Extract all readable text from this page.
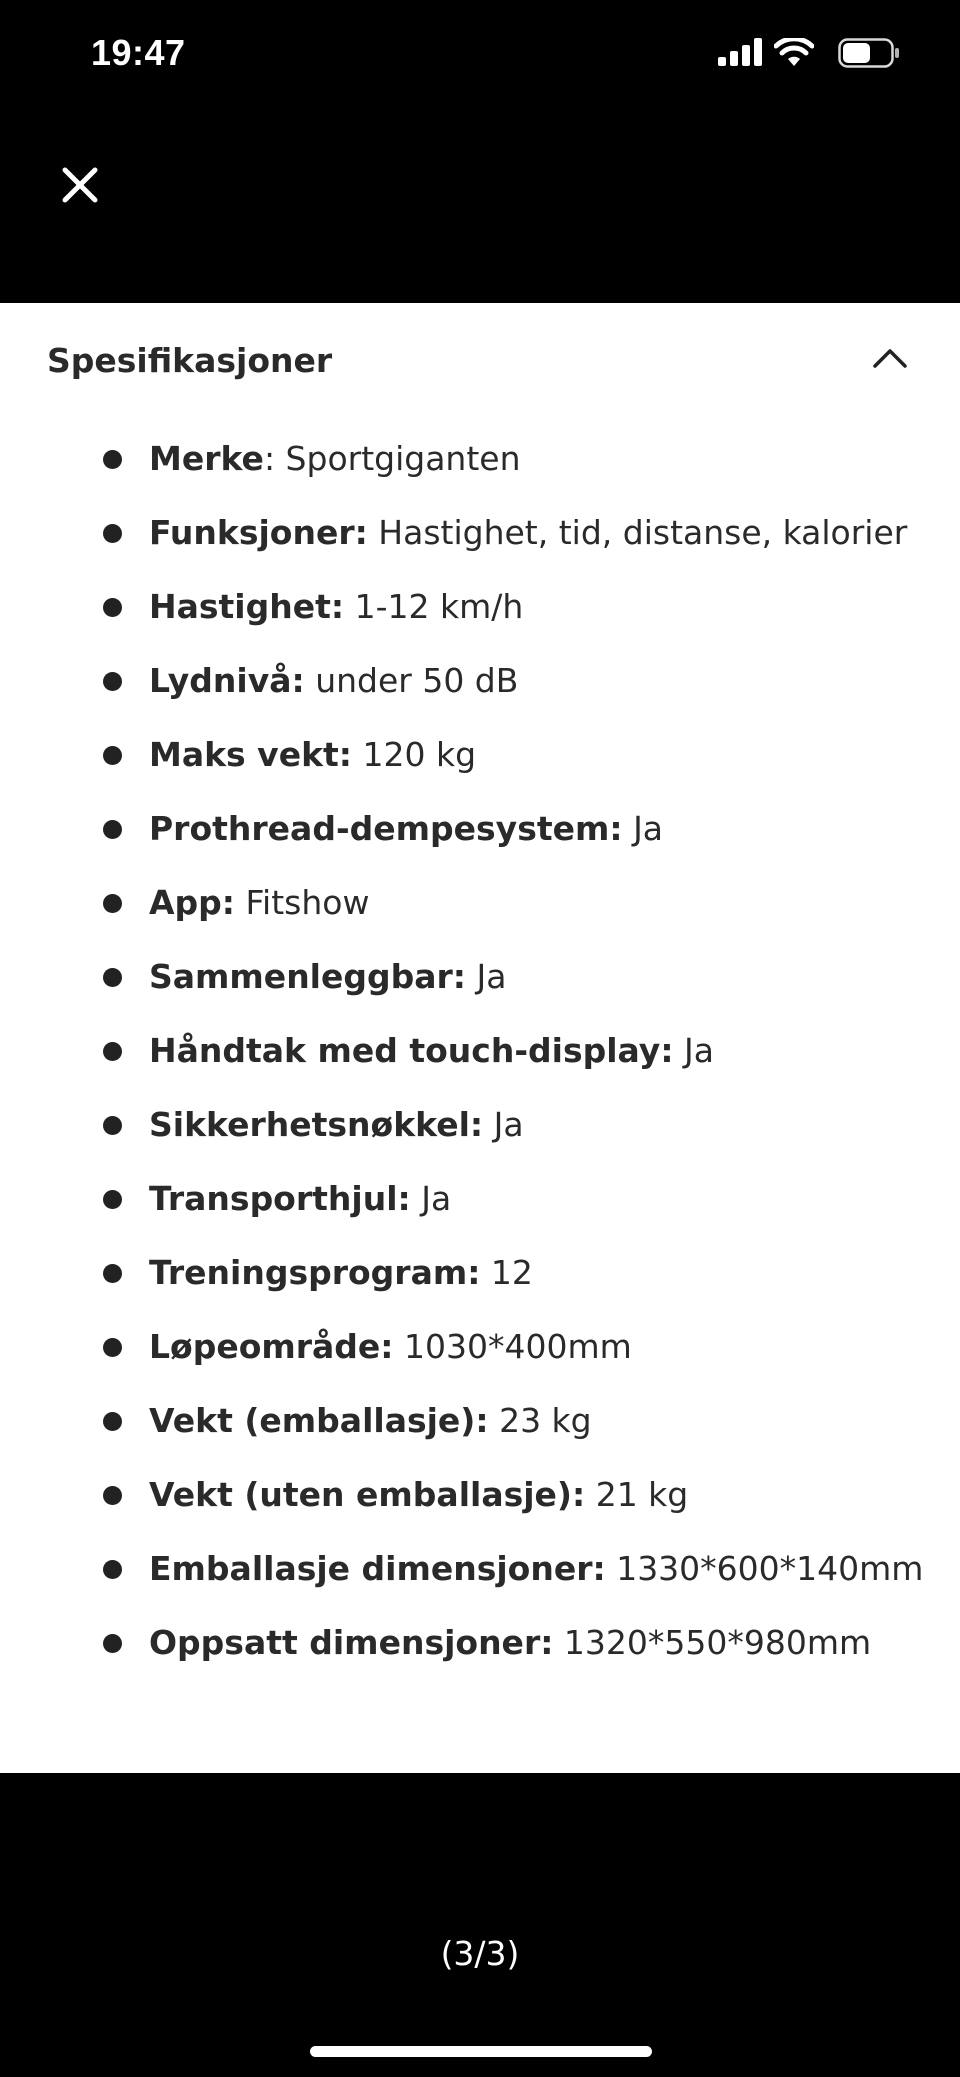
19:47
Spesifikasjoner
Merke: Sportgiganten
Funksjoner: Hastighet, tid, distanse, kalorier
Hastighet: 1-12 km/h
Lydnivå: under 50 dB
Maks vekt: 120 kg
Prothread-dempesystem: Ja
App: Fitshow
Sammenleggbar: Ja
Håndtak med touch-display: Ja
Sikkerhetsnøkkel: Ja
Transporthjul: Ja
Treningsprogram: 12
Løpeområde: 1030*400mm
Vekt (emballasje): 23 kg
Vekt (uten emballasje): 21 kg
Emballasje dimensjoner: 1330*600*140mm
Oppsatt dimensjoner: 1320*550*980mm
(3/3)
